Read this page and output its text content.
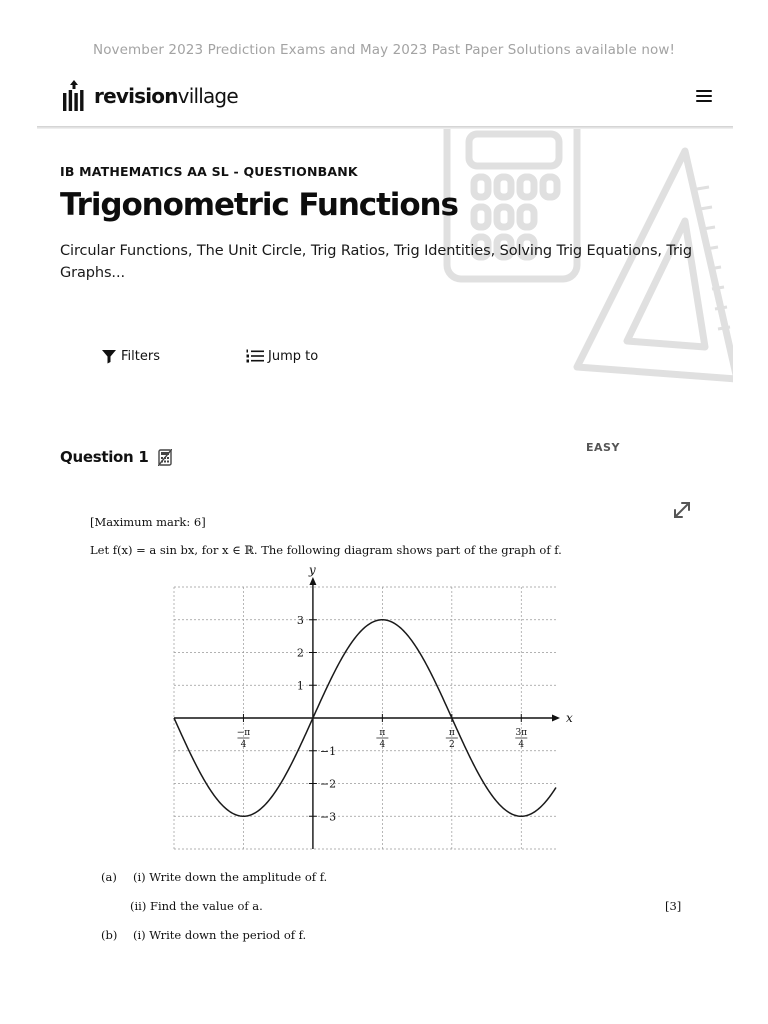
November 2023 Prediction Exams and May 2023 Past Paper Solutions available now!
revisionvillage
IB MATHEMATICS AA SL - QUESTIONBANK
Trigonometric Functions
Circular Functions, The Unit Circle, Trig Ratios, Trig Identities, Solving Trig Equations, Trig Graphs...
Filters	Jump to
Question 1
EASY
[Maximum mark: 6]
Let f(x) = a sin bx, for x ∈ ℝ. The following diagram shows part of the graph of f.
x
y
3
2
1
−1
−2
−3
−π
4
π
4
π
2
3π
4
(a) (i) Write down the amplitude of f.
(ii) Find the value of a.	[3]
(b) (i) Write down the period of f.
